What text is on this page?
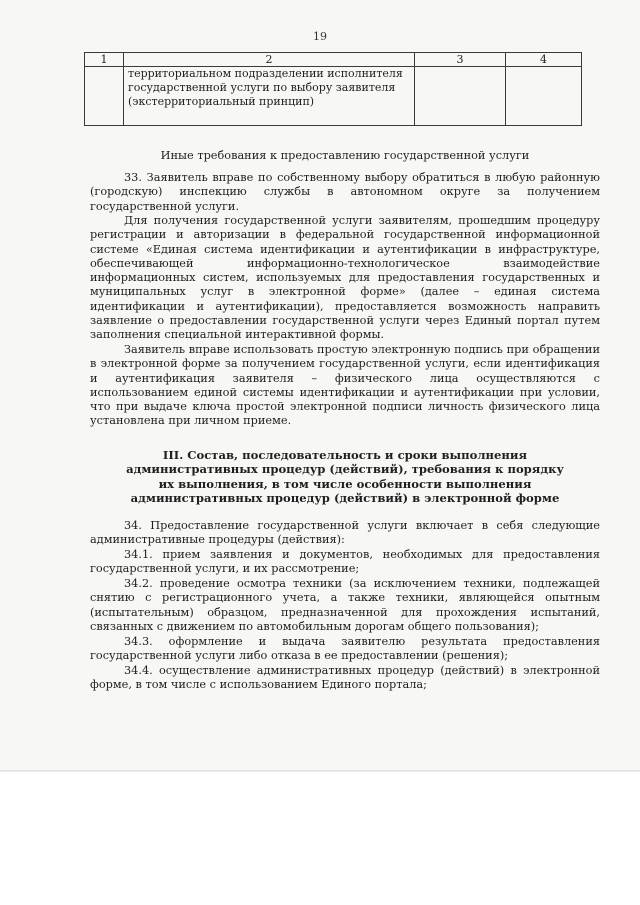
19
1	2	3	4

	территориальном подразделении исполнителя государственной услуги по выбору заявителя (экстерриториальный принцип)		

Иные требования к предоставлению государственной услуги

33. Заявитель вправе по собственному выбору обратиться в любую районную (городскую) инспекцию службы в автономном округе за получением государственной услуги.

Для получения государственной услуги заявителям, прошедшим процедуру регистрации и авторизации в федеральной государственной информационной системе «Единая система идентификации и аутентификации в инфраструктуре, обеспечивающей информационно-технологическое взаимодействие информационных систем, используемых для предоставления государственных и муниципальных услуг в электронной форме» (далее – единая система идентификации и аутентификации), предоставляется возможность направить заявление о предоставлении государственной услуги через Единый портал путем заполнения специальной интерактивной формы.

Заявитель вправе использовать простую электронную подпись при обращении в электронной форме за получением государственной услуги, если идентификация и аутентификация заявителя – физического лица осуществляются с использованием единой системы идентификации и аутентификации при условии, что при выдаче ключа простой электронной подписи личность физического лица установлена при личном приеме.

III. Состав, последовательность и сроки выполнения
административных процедур (действий), требования к порядку
их выполнения, в том числе особенности выполнения
административных процедур (действий) в электронной форме

34. Предоставление государственной услуги включает в себя следующие административные процедуры (действия):

34.1. прием заявления и документов, необходимых для предоставления государственной услуги, и их рассмотрение;

34.2. проведение осмотра техники (за исключением техники, подлежащей снятию с регистрационного учета, а также техники, являющейся опытным (испытательным) образцом, предназначенной для прохождения испытаний, связанных с движением по автомобильным дорогам общего пользования);

34.3. оформление и выдача заявителю результата предоставления государственной услуги либо отказа в ее предоставлении (решения);

34.4. осуществление административных процедур (действий) в электронной форме, в том числе с использованием Единого портала;
